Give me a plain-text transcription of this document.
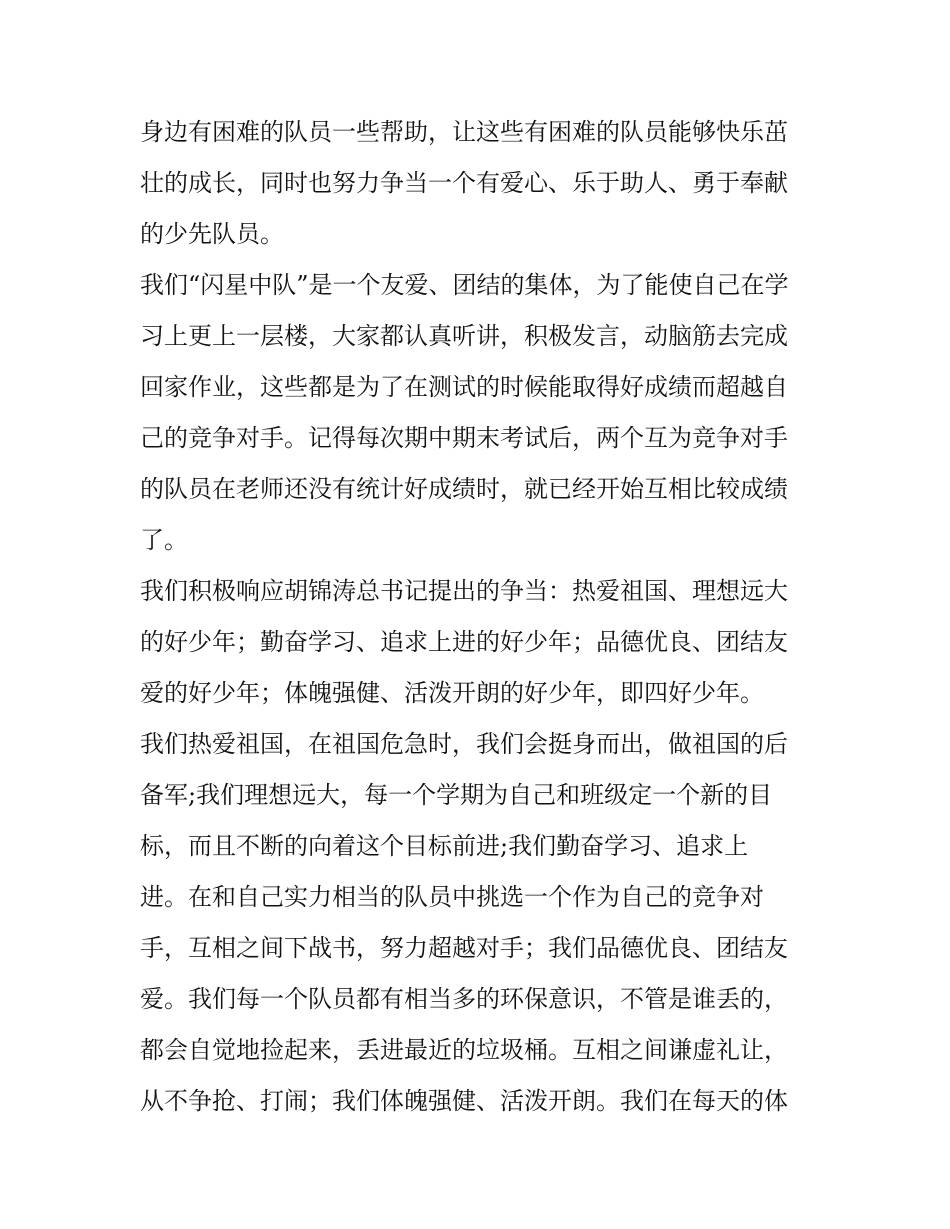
身边有困难的队员一些帮助，让这些有困难的队员能够快乐茁
壮的成长，同时也努力争当一个有爱心、乐于助人、勇于奉献
的少先队员。
我们“闪星中队”是一个友爱、团结的集体，为了能使自己在学
习上更上一层楼，大家都认真听讲，积极发言，动脑筋去完成
回家作业，这些都是为了在测试的时候能取得好成绩而超越自
己的竞争对手。记得每次期中期末考试后，两个互为竞争对手
的队员在老师还没有统计好成绩时，就已经开始互相比较成绩
了。
我们积极响应胡锦涛总书记提出的争当：热爱祖国、理想远大
的好少年；勤奋学习、追求上进的好少年；品德优良、团结友
爱的好少年；体魄强健、活泼开朗的好少年，即四好少年。
我们热爱祖国，在祖国危急时，我们会挺身而出，做祖国的后
备军;我们理想远大，每一个学期为自己和班级定一个新的目
标，而且不断的向着这个目标前进;我们勤奋学习、追求上
进。在和自己实力相当的队员中挑选一个作为自己的竞争对
手，互相之间下战书，努力超越对手；我们品德优良、团结友
爱。我们每一个队员都有相当多的环保意识，不管是谁丢的，
都会自觉地捡起来，丢进最近的垃圾桶。互相之间谦虚礼让，
从不争抢、打闹；我们体魄强健、活泼开朗。我们在每天的体
